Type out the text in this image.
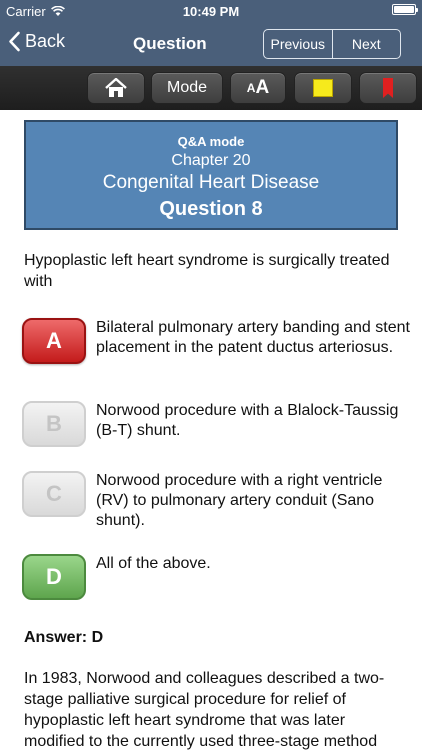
Carrier	10:49 PM
Back	Question	Previous	Next
Mode	A A
Q&A mode
Chapter 20
Congenital Heart Disease
Question 8
Hypoplastic left heart syndrome is surgically treated with
A
Bilateral pulmonary artery banding and stent placement in the patent ductus arteriosus.
B
Norwood procedure with a Blalock-Taussig (B-T) shunt.
C
Norwood procedure with a right ventricle (RV) to pulmonary artery conduit (Sano shunt).
D
All of the above.
Answer: D
In 1983, Norwood and colleagues described a two-stage palliative surgical procedure for relief of hypoplastic left heart syndrome that was later modified to the currently used three-stage method
